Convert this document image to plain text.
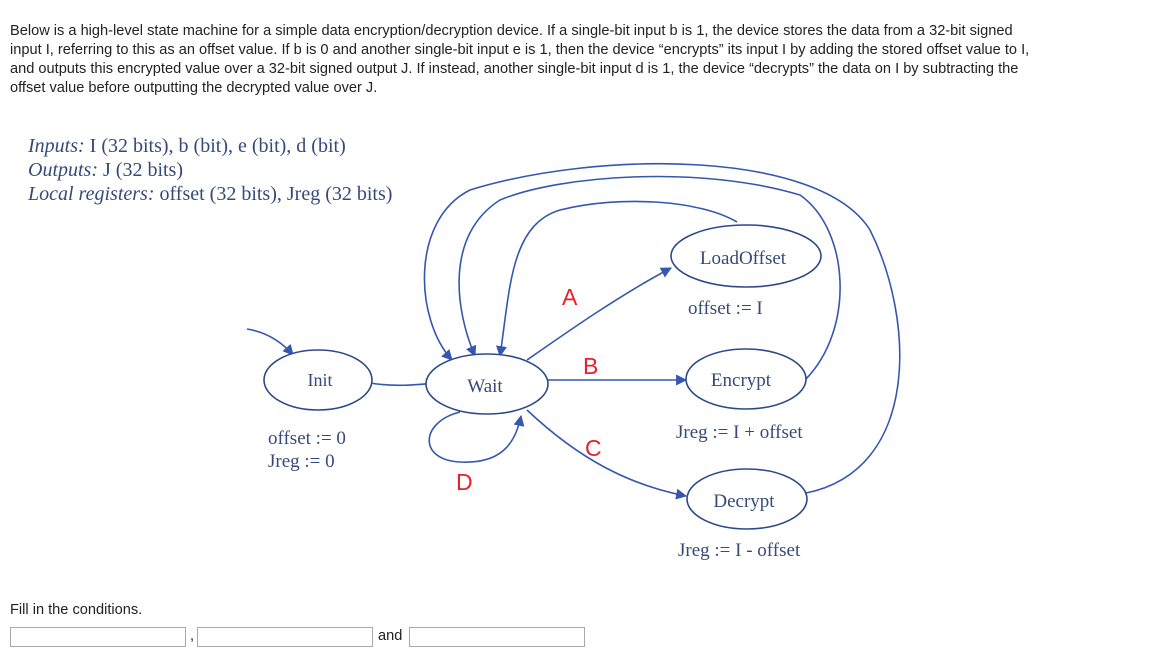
Below is a high-level state machine for a simple data encryption/decryption device. If a single-bit input b is 1, the device stores the data from a 32-bit signed
input I, referring to this as an offset value. If b is 0 and another single-bit input e is 1, then the device “encrypts” its input I by adding the stored offset value to I,
and outputs this encrypted value over a 32-bit signed output J. If instead, another single-bit input d is 1, the device “decrypts” the data on I by subtracting the
offset value before outputting the decrypted value over J.
Inputs: I (32 bits), b (bit), e (bit), d (bit)
Outputs: J (32 bits)
Local registers: offset (32 bits), Jreg (32 bits)
Init	Wait
LoadOffset
Encrypt
Decrypt
offset := 0
Jreg := 0
offset := I
Jreg := I + offset
Jreg := I - offset
A
B
C
D

Fill in the conditions.

,	and
